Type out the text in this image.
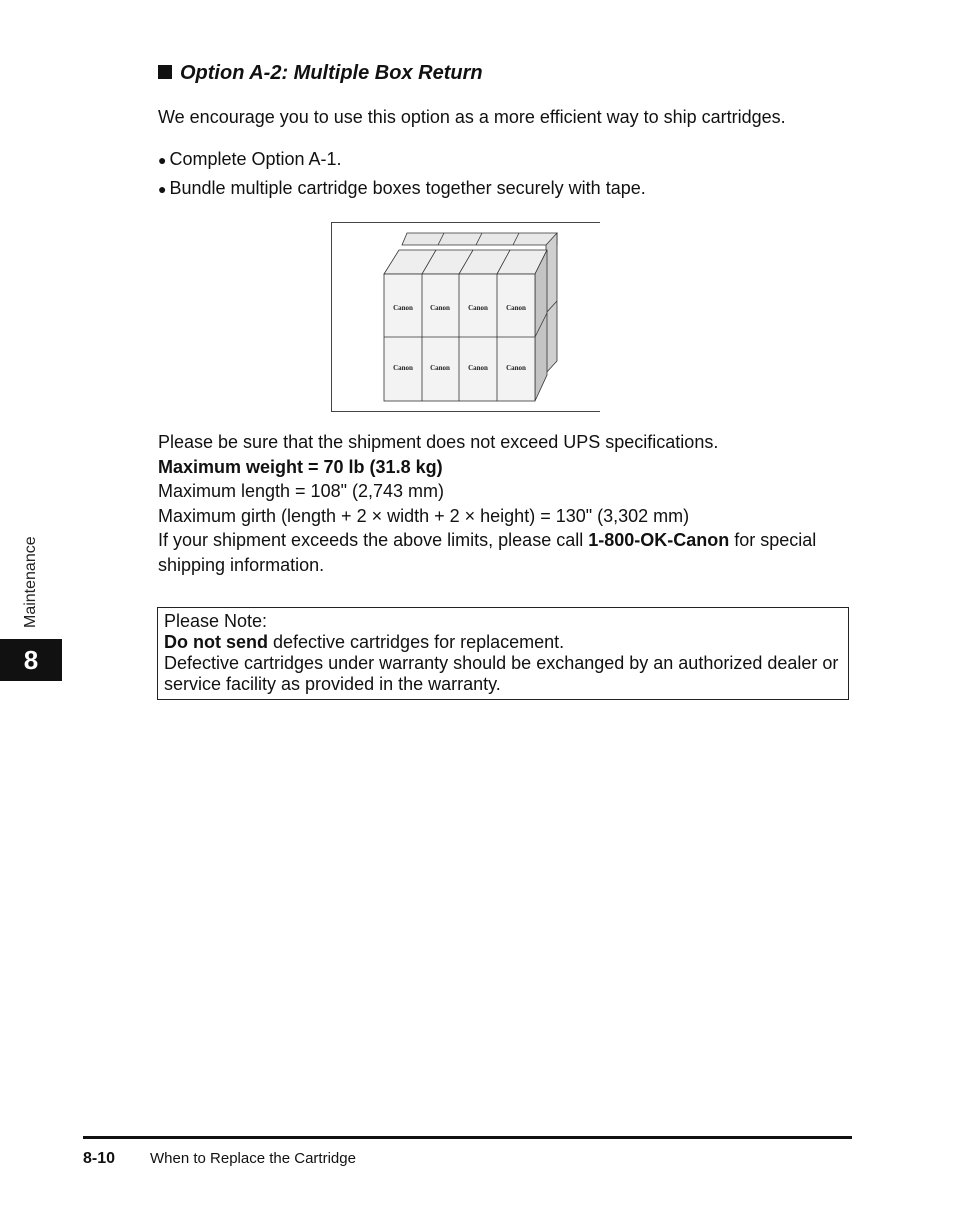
Option A-2: Multiple Box Return
We encourage you to use this option as a more efficient way to ship cartridges.
● Complete Option A-1.
● Bundle multiple cartridge boxes together securely with tape.
Canon Canon	Canon	Canon
Canon Canon	Canon	Canon

Please be sure that the shipment does not exceed UPS specifications.

Maximum weight = 70 lb (31.8 kg)

Maximum length = 108" (2,743 mm)

Maximum girth (length + 2 × width + 2 × height) = 130" (3,302 mm)

If your shipment exceeds the above limits, please call 1-800-OK-Canon for special shipping information.

Please Note:

Do not send defective cartridges for replacement.

Defective cartridges under warranty should be exchanged by an authorized dealer or service facility as provided in the warranty.

Maintenance
8
8-10 When to Replace the Cartridge
